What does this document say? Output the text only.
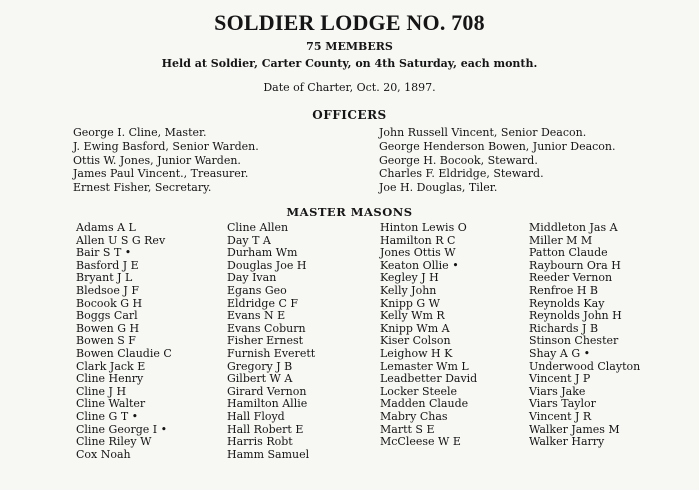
SOLDIER LODGE NO. 708
75 MEMBERS
Held at Soldier, Carter County, on 4th Saturday, each month.
Date of Charter, Oct. 20, 1897.
OFFICERS
George I. Cline, Master.
J. Ewing Basford, Senior Warden.
Ottis W. Jones, Junior Warden.
James Paul Vincent., Treasurer.
Ernest Fisher, Secretary.
John Russell Vincent, Senior Deacon.
George Henderson Bowen, Junior Deacon.
George H. Bocook, Steward.
Charles F. Eldridge, Steward.
Joe H. Douglas, Tiler.
MASTER MASONS
Adams A L
Allen U S G Rev
Bair S T •
Basford J E
Bryant J L
Bledsoe J F
Bocook G H
Boggs Carl
Bowen G H
Bowen S F
Bowen Claudie C
Clark Jack E
Cline Henry
Cline J H
Cline Walter
Cline G T •
Cline George I •
Cline Riley W
Cox Noah
Cline Allen
Day T A
Durham Wm
Douglas Joe H
Day Ivan
Egans Geo
Eldridge C F
Evans N E
Evans Coburn
Fisher Ernest
Furnish Everett
Gregory J B
Gilbert W A
Girard Vernon
Hamilton Allie
Hall Floyd
Hall Robert E
Harris Robt
Hamm Samuel
Hinton Lewis O
Hamilton R C
Jones Ottis W
Keaton Ollie •
Kegley J H
Kelly John
Knipp G W
Kelly Wm R
Knipp Wm A
Kiser Colson
Leighow H K
Lemaster Wm L
Leadbetter David
Locker Steele
Madden Claude
Mabry Chas
Martt S E
McCleese W E
Middleton Jas A
Miller M M
Patton Claude
Raybourn Ora H
Reeder Vernon
Renfroe H B
Reynolds Kay
Reynolds John H
Richards J B
Stinson Chester
Shay A G •
Underwood Clayton
Vincent J P
Viars Jake
Viars Taylor
Vincent J R
Walker James M
Walker Harry
